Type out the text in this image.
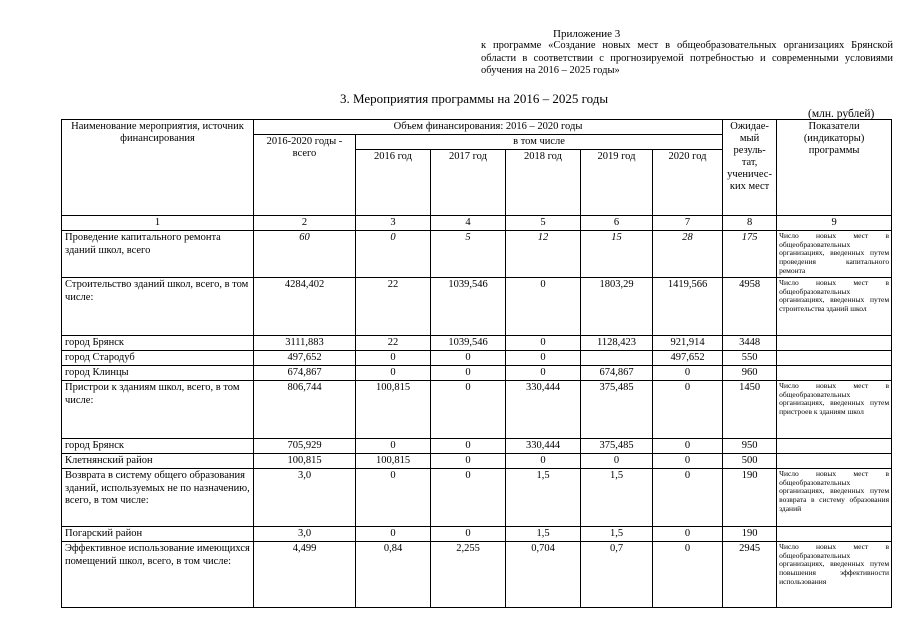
Приложение 3
к программе «Создание новых мест в общеобразовательных организациях Брянской области в соответствии с прогнозируемой потребностью и современными условиями обучения на 2016 – 2025 годы»
3. Мероприятия программы на 2016 – 2025 годы
(млн. рублей)
Наименование мероприятия, источник финансирования	Объем финансирования: 2016 – 2020 годы						Ожидае-мый резуль-тат, ученичес-ких мест	Показатели (индикаторы) программы
	2016-2020 годы - всего	в том числе						
		2016 год	2017 год	2018 год	2019 год	2020 год		
1	2	3	4	5	6	7	8	9
Проведение капитального ремонта зданий школ, всего	60	0	5	12	15	28	175	Число новых мест в общеобразовательных организациях, введенных путем проведения капитального ремонта
Строительство зданий школ, всего, в том числе:	4284,402	22	1039,546	0	1803,29	1419,566	4958	Число новых мест в общеобразовательных организациях, введенных путем строительства зданий школ
город Брянск	3111,883	22	1039,546	0	1128,423	921,914	3448	
город Стародуб	497,652	0	0	0		497,652	550	
город Клинцы	674,867	0	0	0	674,867	0	960	
Пристрои к зданиям школ, всего, в том числе:	806,744	100,815	0	330,444	375,485	0	1450	Число новых мест в общеобразовательных организациях, введенных путем пристроев к зданиям школ
город Брянск	705,929	0	0	330,444	375,485	0	950	
Клетнянский район	100,815	100,815	0	0	0	0	500	
Возврата в систему общего образования зданий, используемых не по назначению, всего, в том числе:	3,0	0	0	1,5	1,5	0	190	Число новых мест в общеобразовательных организациях, введенных путем возврата в систему образования зданий
Погарский район	3,0	0	0	1,5	1,5	0	190	
Эффективное использование имеющихся помещений школ, всего, в том числе:	4,499	0,84	2,255	0,704	0,7	0	2945	Число новых мест в общеобразовательных организациях, введенных путем повышения эффективности использования
